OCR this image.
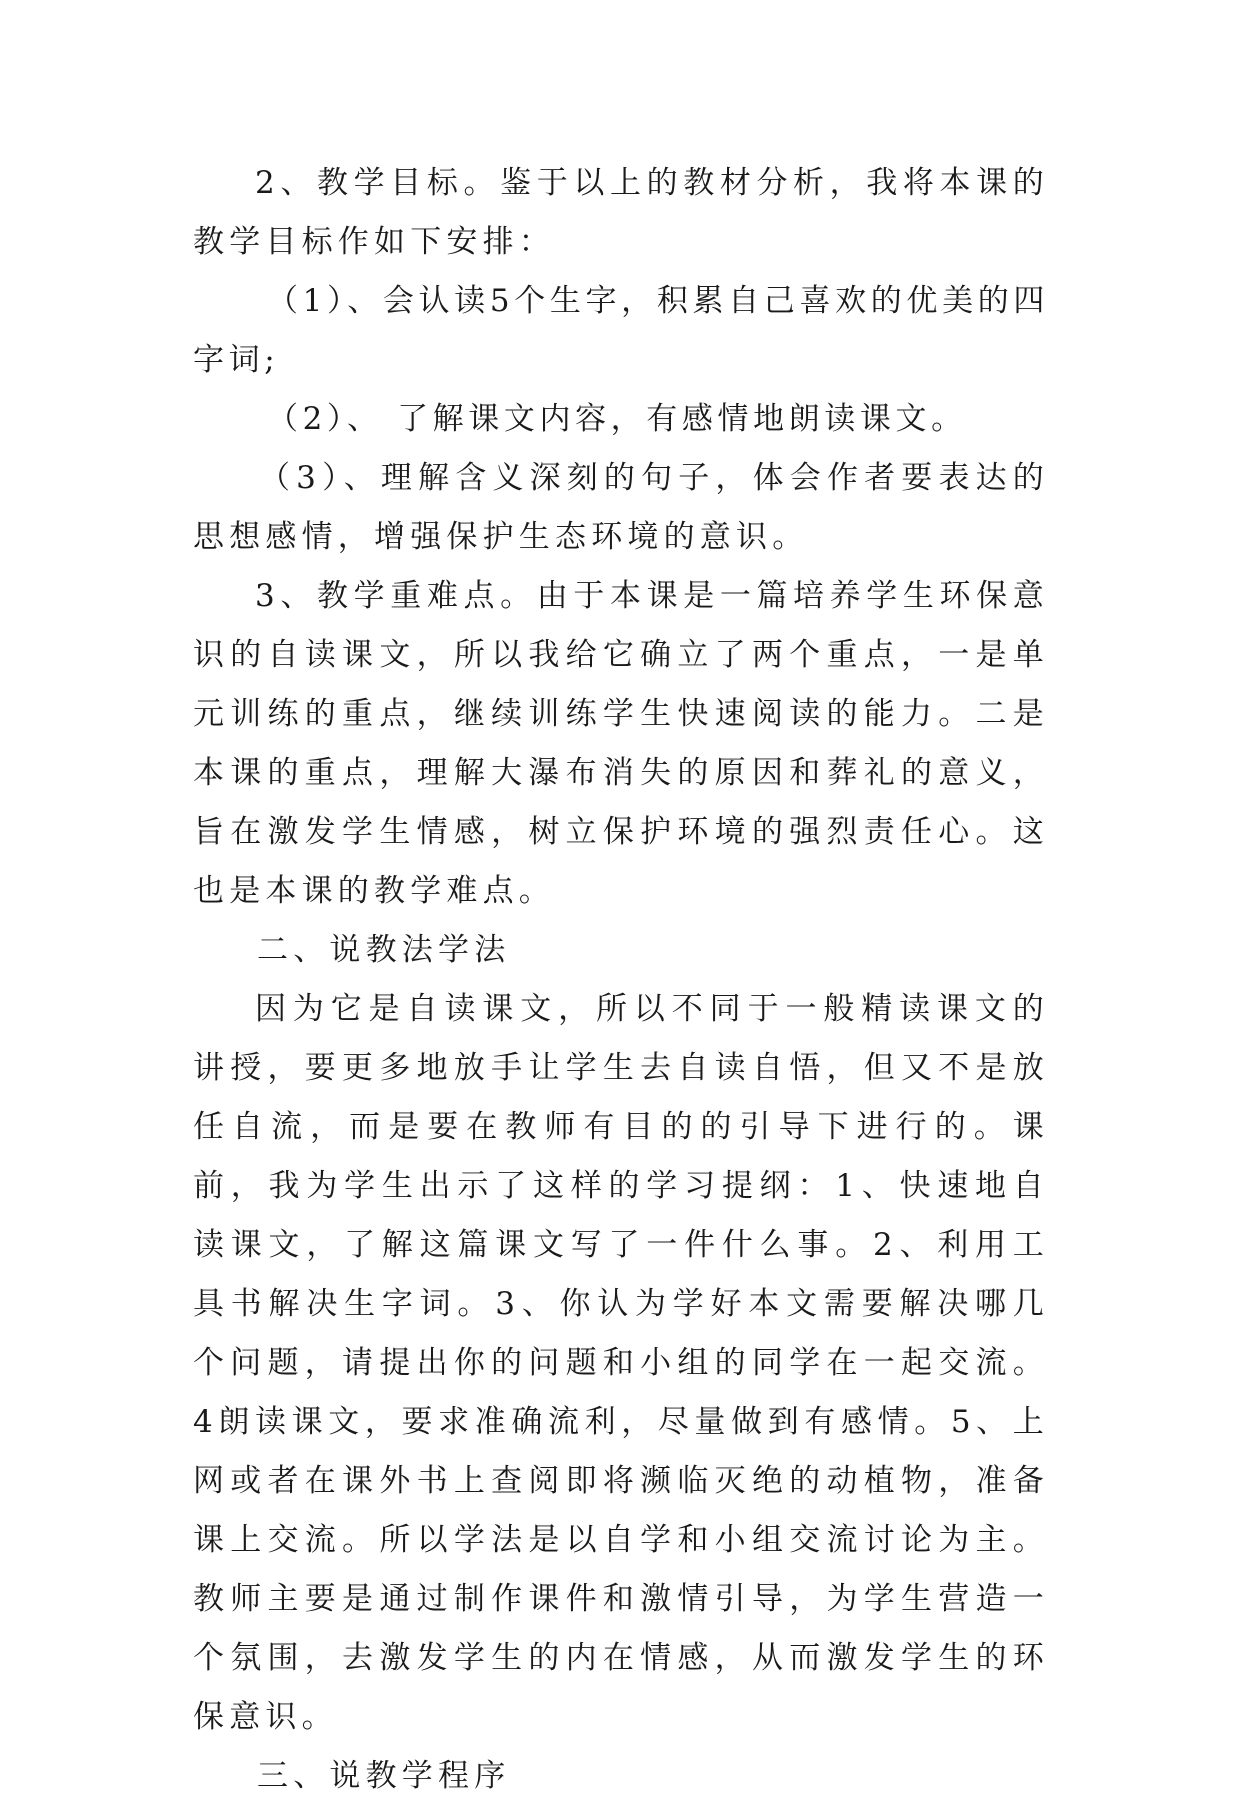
2、教学目标。鉴于以上的教材分析，我将本课的教学目标作如下安排：

（1）、会认读5个生字，积累自己喜欢的优美的四字词;

（2）、 了解课文内容，有感情地朗读课文。

（3）、理解含义深刻的句子，体会作者要表达的思想感情，增强保护生态环境的意识。

3、教学重难点。由于本课是一篇培养学生环保意识的自读课文，所以我给它确立了两个重点，一是单元训练的重点，继续训练学生快速阅读的能力。二是本课的重点，理解大瀑布消失的原因和葬礼的意义，旨在激发学生情感，树立保护环境的强烈责任心。这也是本课的教学难点。

二、说教法学法

因为它是自读课文，所以不同于一般精读课文的讲授，要更多地放手让学生去自读自悟，但又不是放任自流，而是要在教师有目的的引导下进行的。课前，我为学生出示了这样的学习提纲：1、快速地自读课文，了解这篇课文写了一件什么事。2、利用工具书解决生字词。3、你认为学好本文需要解决哪几个问题，请提出你的问题和小组的同学在一起交流。4朗读课文，要求准确流利，尽量做到有感情。5、上网或者在课外书上查阅即将濒临灭绝的动植物，准备课上交流。所以学法是以自学和小组交流讨论为主。教师主要是通过制作课件和激情引导，为学生营造一个氛围，去激发学生的内在情感，从而激发学生的环保意识。

三、说教学程序
